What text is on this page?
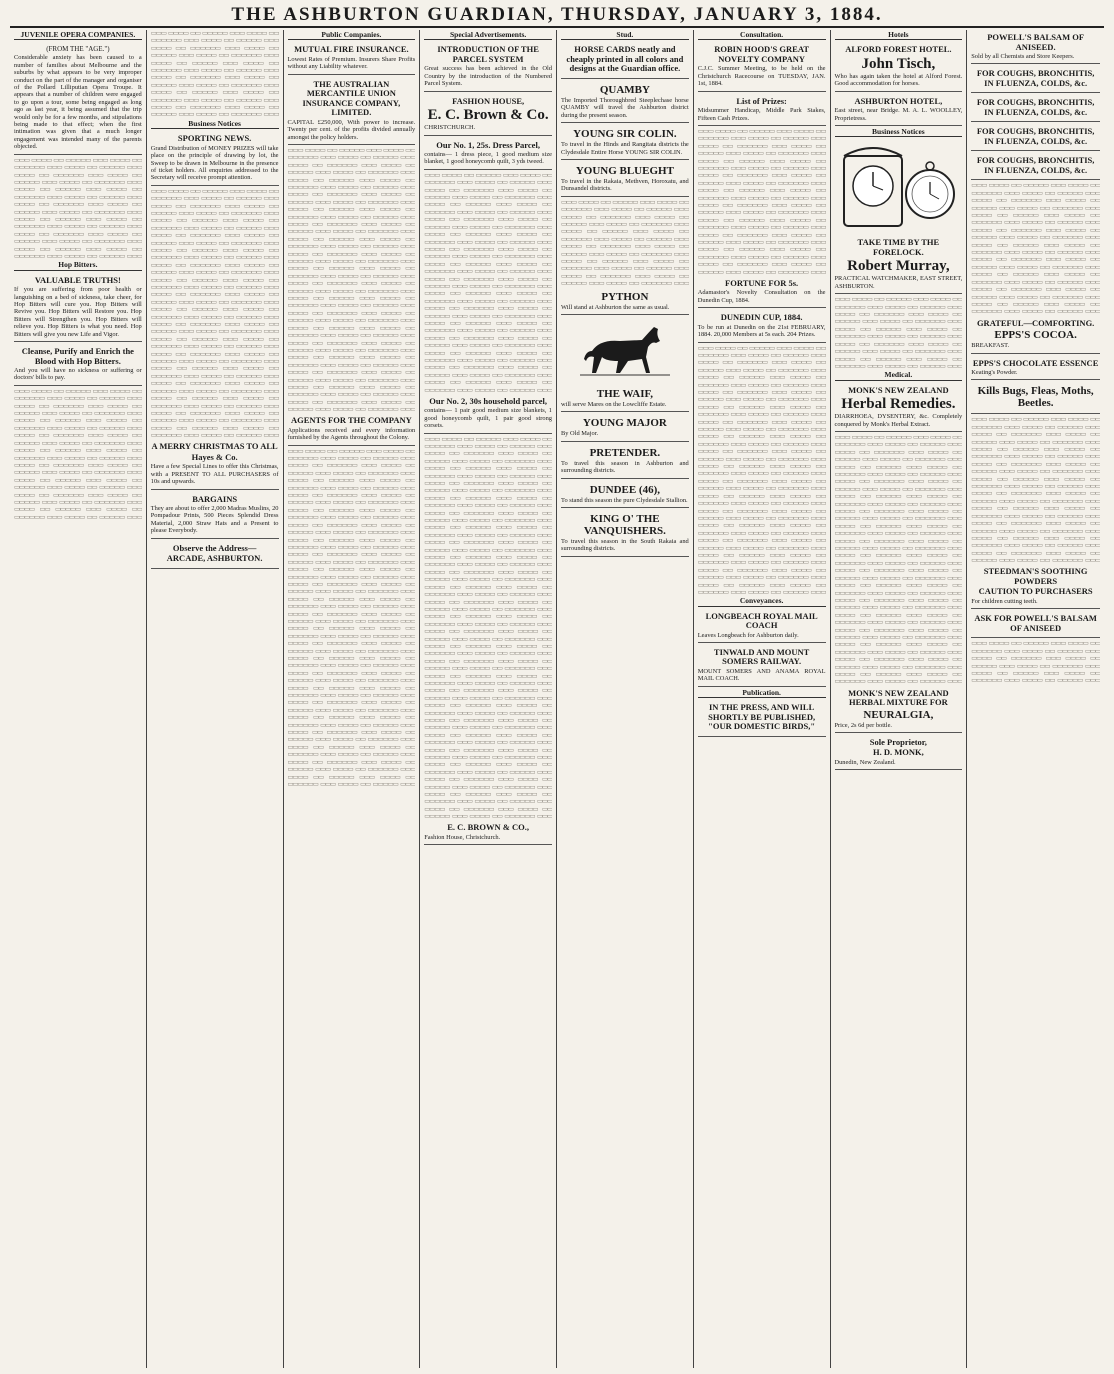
THE ASHBURTON GUARDIAN, THURSDAY, JANUARY 3, 1884.
JUVENILE OPERA COMPANIES.
(FROM THE "AGE.")
Considerable anxiety has been caused to a number of families about Melbourne and the suburbs by what appears to be very improper conduct on the part of the manager and organiser of the Pollard Lilliputian Opera Troupe. It appears that a number of children were engaged to go upon a tour, some being engaged as long ago as last year, it being assumed that the trip would only be for a few months, and stipulations being made to that effect; when the first intimation was given that a much longer engagement was intended many of the parents objected.
▭▭▭ ▭▭▭▭ ▭▭ ▭▭▭▭▭ ▭▭▭ ▭▭▭▭ ▭▭ ▭▭▭▭▭▭ ▭▭▭ ▭▭▭▭ ▭▭ ▭▭▭▭▭ ▭▭▭ ▭▭▭▭ ▭▭ ▭▭▭▭▭▭ ▭▭▭ ▭▭▭▭ ▭▭ ▭▭▭▭▭ ▭▭▭ ▭▭▭▭ ▭▭ ▭▭▭▭▭▭ ▭▭▭ ▭▭▭▭ ▭▭ ▭▭▭▭▭ ▭▭▭ ▭▭▭▭ ▭▭ ▭▭▭▭▭▭ ▭▭▭ ▭▭▭▭ ▭▭ ▭▭▭▭▭ ▭▭▭ ▭▭▭▭ ▭▭ ▭▭▭▭▭▭ ▭▭▭ ▭▭▭▭ ▭▭ ▭▭▭▭▭ ▭▭▭ ▭▭▭▭ ▭▭ ▭▭▭▭▭▭ ▭▭▭ ▭▭▭▭ ▭▭ ▭▭▭▭▭ ▭▭▭ ▭▭▭▭ ▭▭ ▭▭▭▭▭▭ ▭▭▭ ▭▭▭▭ ▭▭ ▭▭▭▭▭ ▭▭▭ ▭▭▭▭ ▭▭ ▭▭▭▭▭▭ ▭▭▭ ▭▭▭▭ ▭▭ ▭▭▭▭▭ ▭▭▭ ▭▭▭▭ ▭▭ ▭▭▭▭▭▭ ▭▭▭ ▭▭▭▭ ▭▭ ▭▭▭▭▭ ▭▭▭ ▭▭▭▭ ▭▭ ▭▭▭▭▭▭ ▭▭▭ ▭▭▭▭ ▭▭ ▭▭▭▭▭ ▭▭▭
Hop Bitters.
VALUABLE TRUTHS!
If you are suffering from poor health or languishing on a bed of sickness, take cheer, for Hop Bitters will cure you. Hop Bitters will Revive you. Hop Bitters will Restore you. Hop Bitters will Strengthen you. Hop Bitters will relieve you. Hop Bitters is what you need. Hop Bitters will give you new Life and Vigor.
Cleanse, Purify and Enrich the Blood with Hop Bitters.
And you will have no sickness or suffering or doctors' bills to pay.
▭▭▭ ▭▭▭▭ ▭▭ ▭▭▭▭▭ ▭▭▭ ▭▭▭▭ ▭▭ ▭▭▭▭▭▭ ▭▭▭ ▭▭▭▭ ▭▭ ▭▭▭▭▭ ▭▭▭ ▭▭▭▭ ▭▭ ▭▭▭▭▭▭ ▭▭▭ ▭▭▭▭ ▭▭ ▭▭▭▭▭ ▭▭▭ ▭▭▭▭ ▭▭ ▭▭▭▭▭▭ ▭▭▭ ▭▭▭▭ ▭▭ ▭▭▭▭▭ ▭▭▭ ▭▭▭▭ ▭▭ ▭▭▭▭▭▭ ▭▭▭ ▭▭▭▭ ▭▭ ▭▭▭▭▭ ▭▭▭ ▭▭▭▭ ▭▭ ▭▭▭▭▭▭ ▭▭▭ ▭▭▭▭ ▭▭ ▭▭▭▭▭ ▭▭▭ ▭▭▭▭ ▭▭ ▭▭▭▭▭▭ ▭▭▭ ▭▭▭▭ ▭▭ ▭▭▭▭▭ ▭▭▭ ▭▭▭▭ ▭▭ ▭▭▭▭▭▭ ▭▭▭ ▭▭▭▭ ▭▭ ▭▭▭▭▭ ▭▭▭ ▭▭▭▭ ▭▭ ▭▭▭▭▭▭ ▭▭▭ ▭▭▭▭ ▭▭ ▭▭▭▭▭ ▭▭▭ ▭▭▭▭ ▭▭ ▭▭▭▭▭▭ ▭▭▭ ▭▭▭▭ ▭▭ ▭▭▭▭▭ ▭▭▭ ▭▭▭▭ ▭▭ ▭▭▭▭▭▭ ▭▭▭ ▭▭▭▭ ▭▭ ▭▭▭▭▭ ▭▭▭ ▭▭▭▭ ▭▭ ▭▭▭▭▭▭ ▭▭▭ ▭▭▭▭ ▭▭ ▭▭▭▭▭ ▭▭▭ ▭▭▭▭ ▭▭ ▭▭▭▭▭▭ ▭▭▭ ▭▭▭▭ ▭▭ ▭▭▭▭▭ ▭▭▭ ▭▭▭▭ ▭▭ ▭▭▭▭▭▭ ▭▭▭ ▭▭▭▭ ▭▭ ▭▭▭▭▭ ▭▭▭
▭▭▭ ▭▭▭▭ ▭▭ ▭▭▭▭▭ ▭▭▭ ▭▭▭▭ ▭▭ ▭▭▭▭▭▭ ▭▭▭ ▭▭▭▭ ▭▭ ▭▭▭▭▭ ▭▭▭ ▭▭▭▭ ▭▭ ▭▭▭▭▭▭ ▭▭▭ ▭▭▭▭ ▭▭ ▭▭▭▭▭ ▭▭▭ ▭▭▭▭ ▭▭ ▭▭▭▭▭▭ ▭▭▭ ▭▭▭▭ ▭▭ ▭▭▭▭▭ ▭▭▭ ▭▭▭▭ ▭▭ ▭▭▭▭▭▭ ▭▭▭ ▭▭▭▭ ▭▭ ▭▭▭▭▭ ▭▭▭ ▭▭▭▭ ▭▭ ▭▭▭▭▭▭ ▭▭▭ ▭▭▭▭ ▭▭ ▭▭▭▭▭ ▭▭▭ ▭▭▭▭ ▭▭ ▭▭▭▭▭▭ ▭▭▭ ▭▭▭▭ ▭▭ ▭▭▭▭▭ ▭▭▭ ▭▭▭▭ ▭▭ ▭▭▭▭▭▭ ▭▭▭ ▭▭▭▭ ▭▭ ▭▭▭▭▭ ▭▭▭ ▭▭▭▭ ▭▭ ▭▭▭▭▭▭ ▭▭▭ ▭▭▭▭ ▭▭ ▭▭▭▭▭ ▭▭▭ ▭▭▭▭ ▭▭ ▭▭▭▭▭▭ ▭▭▭
Business Notices
SPORTING NEWS.
Grand Distribution of MONEY PRIZES will take place on the principle of drawing by lot, the Sweep to be drawn in Melbourne in the presence of ticket holders. All enquiries addressed to the Secretary will receive prompt attention.
▭▭▭ ▭▭▭▭ ▭▭ ▭▭▭▭▭ ▭▭▭ ▭▭▭▭ ▭▭ ▭▭▭▭▭▭ ▭▭▭ ▭▭▭▭ ▭▭ ▭▭▭▭▭ ▭▭▭ ▭▭▭▭ ▭▭ ▭▭▭▭▭▭ ▭▭▭ ▭▭▭▭ ▭▭ ▭▭▭▭▭ ▭▭▭ ▭▭▭▭ ▭▭ ▭▭▭▭▭▭ ▭▭▭ ▭▭▭▭ ▭▭ ▭▭▭▭▭ ▭▭▭ ▭▭▭▭ ▭▭ ▭▭▭▭▭▭ ▭▭▭ ▭▭▭▭ ▭▭ ▭▭▭▭▭ ▭▭▭ ▭▭▭▭ ▭▭ ▭▭▭▭▭▭ ▭▭▭ ▭▭▭▭ ▭▭ ▭▭▭▭▭ ▭▭▭ ▭▭▭▭ ▭▭ ▭▭▭▭▭▭ ▭▭▭ ▭▭▭▭ ▭▭ ▭▭▭▭▭ ▭▭▭ ▭▭▭▭ ▭▭ ▭▭▭▭▭▭ ▭▭▭ ▭▭▭▭ ▭▭ ▭▭▭▭▭ ▭▭▭ ▭▭▭▭ ▭▭ ▭▭▭▭▭▭ ▭▭▭ ▭▭▭▭ ▭▭ ▭▭▭▭▭ ▭▭▭ ▭▭▭▭ ▭▭ ▭▭▭▭▭▭ ▭▭▭ ▭▭▭▭ ▭▭ ▭▭▭▭▭ ▭▭▭ ▭▭▭▭ ▭▭ ▭▭▭▭▭▭ ▭▭▭ ▭▭▭▭ ▭▭ ▭▭▭▭▭ ▭▭▭ ▭▭▭▭ ▭▭ ▭▭▭▭▭▭ ▭▭▭ ▭▭▭▭ ▭▭ ▭▭▭▭▭ ▭▭▭ ▭▭▭▭ ▭▭ ▭▭▭▭▭▭ ▭▭▭ ▭▭▭▭ ▭▭ ▭▭▭▭▭ ▭▭▭ ▭▭▭▭ ▭▭ ▭▭▭▭▭▭ ▭▭▭ ▭▭▭▭ ▭▭ ▭▭▭▭▭ ▭▭▭ ▭▭▭▭ ▭▭ ▭▭▭▭▭▭ ▭▭▭ ▭▭▭▭ ▭▭ ▭▭▭▭▭ ▭▭▭ ▭▭▭▭ ▭▭ ▭▭▭▭▭▭ ▭▭▭ ▭▭▭▭ ▭▭ ▭▭▭▭▭ ▭▭▭ ▭▭▭▭ ▭▭ ▭▭▭▭▭▭ ▭▭▭ ▭▭▭▭ ▭▭ ▭▭▭▭▭ ▭▭▭ ▭▭▭▭ ▭▭ ▭▭▭▭▭▭ ▭▭▭ ▭▭▭▭ ▭▭ ▭▭▭▭▭ ▭▭▭ ▭▭▭▭ ▭▭ ▭▭▭▭▭▭ ▭▭▭ ▭▭▭▭ ▭▭ ▭▭▭▭▭ ▭▭▭ ▭▭▭▭ ▭▭ ▭▭▭▭▭▭ ▭▭▭ ▭▭▭▭ ▭▭ ▭▭▭▭▭ ▭▭▭ ▭▭▭▭ ▭▭ ▭▭▭▭▭▭ ▭▭▭ ▭▭▭▭ ▭▭ ▭▭▭▭▭ ▭▭▭ ▭▭▭▭ ▭▭ ▭▭▭▭▭▭ ▭▭▭ ▭▭▭▭ ▭▭ ▭▭▭▭▭ ▭▭▭ ▭▭▭▭ ▭▭ ▭▭▭▭▭▭ ▭▭▭ ▭▭▭▭ ▭▭ ▭▭▭▭▭ ▭▭▭ ▭▭▭▭ ▭▭ ▭▭▭▭▭▭ ▭▭▭ ▭▭▭▭ ▭▭ ▭▭▭▭▭ ▭▭▭ ▭▭▭▭ ▭▭ ▭▭▭▭▭▭ ▭▭▭ ▭▭▭▭ ▭▭ ▭▭▭▭▭ ▭▭▭ ▭▭▭▭ ▭▭ ▭▭▭▭▭▭ ▭▭▭ ▭▭▭▭ ▭▭ ▭▭▭▭▭ ▭▭▭
A MERRY CHRISTMAS TO ALL
Hayes & Co.
Have a few Special Lines to offer this Christmas, with a PRESENT TO ALL PURCHASERS of 10s and upwards.
BARGAINS
They are about to offer 2,000 Madras Muslins, 20 Pompadour Prints, 500 Pieces Splendid Dress Material, 2,000 Straw Hats and a Present to please Everybody.
Observe the Address—
ARCADE, ASHBURTON.
Public Companies.
MUTUAL FIRE INSURANCE.
Lowest Rates of Premium. Insurers Share Profits without any Liability whatever.
THE AUSTRALIAN MERCANTILE UNION INSURANCE COMPANY, LIMITED.
CAPITAL £250,000, With power to increase. Twenty per cent. of the profits divided annually amongst the policy holders.
▭▭▭ ▭▭▭▭ ▭▭ ▭▭▭▭▭ ▭▭▭ ▭▭▭▭ ▭▭ ▭▭▭▭▭▭ ▭▭▭ ▭▭▭▭ ▭▭ ▭▭▭▭▭ ▭▭▭ ▭▭▭▭ ▭▭ ▭▭▭▭▭▭ ▭▭▭ ▭▭▭▭ ▭▭ ▭▭▭▭▭ ▭▭▭ ▭▭▭▭ ▭▭ ▭▭▭▭▭▭ ▭▭▭ ▭▭▭▭ ▭▭ ▭▭▭▭▭ ▭▭▭ ▭▭▭▭ ▭▭ ▭▭▭▭▭▭ ▭▭▭ ▭▭▭▭ ▭▭ ▭▭▭▭▭ ▭▭▭ ▭▭▭▭ ▭▭ ▭▭▭▭▭▭ ▭▭▭ ▭▭▭▭ ▭▭ ▭▭▭▭▭ ▭▭▭ ▭▭▭▭ ▭▭ ▭▭▭▭▭▭ ▭▭▭ ▭▭▭▭ ▭▭ ▭▭▭▭▭ ▭▭▭ ▭▭▭▭ ▭▭ ▭▭▭▭▭▭ ▭▭▭ ▭▭▭▭ ▭▭ ▭▭▭▭▭ ▭▭▭ ▭▭▭▭ ▭▭ ▭▭▭▭▭▭ ▭▭▭ ▭▭▭▭ ▭▭ ▭▭▭▭▭ ▭▭▭ ▭▭▭▭ ▭▭ ▭▭▭▭▭▭ ▭▭▭ ▭▭▭▭ ▭▭ ▭▭▭▭▭ ▭▭▭ ▭▭▭▭ ▭▭ ▭▭▭▭▭▭ ▭▭▭ ▭▭▭▭ ▭▭ ▭▭▭▭▭ ▭▭▭ ▭▭▭▭ ▭▭ ▭▭▭▭▭▭ ▭▭▭ ▭▭▭▭ ▭▭ ▭▭▭▭▭ ▭▭▭ ▭▭▭▭ ▭▭ ▭▭▭▭▭▭ ▭▭▭ ▭▭▭▭ ▭▭ ▭▭▭▭▭ ▭▭▭ ▭▭▭▭ ▭▭ ▭▭▭▭▭▭ ▭▭▭ ▭▭▭▭ ▭▭ ▭▭▭▭▭ ▭▭▭ ▭▭▭▭ ▭▭ ▭▭▭▭▭▭ ▭▭▭ ▭▭▭▭ ▭▭ ▭▭▭▭▭ ▭▭▭ ▭▭▭▭ ▭▭ ▭▭▭▭▭▭ ▭▭▭ ▭▭▭▭ ▭▭ ▭▭▭▭▭ ▭▭▭ ▭▭▭▭ ▭▭ ▭▭▭▭▭▭ ▭▭▭ ▭▭▭▭ ▭▭ ▭▭▭▭▭ ▭▭▭ ▭▭▭▭ ▭▭ ▭▭▭▭▭▭ ▭▭▭ ▭▭▭▭ ▭▭ ▭▭▭▭▭ ▭▭▭ ▭▭▭▭ ▭▭ ▭▭▭▭▭▭ ▭▭▭ ▭▭▭▭ ▭▭ ▭▭▭▭▭ ▭▭▭ ▭▭▭▭ ▭▭ ▭▭▭▭▭▭ ▭▭▭ ▭▭▭▭ ▭▭ ▭▭▭▭▭ ▭▭▭ ▭▭▭▭ ▭▭ ▭▭▭▭▭▭ ▭▭▭ ▭▭▭▭ ▭▭ ▭▭▭▭▭ ▭▭▭ ▭▭▭▭ ▭▭ ▭▭▭▭▭▭ ▭▭▭ ▭▭▭▭ ▭▭ ▭▭▭▭▭ ▭▭▭ ▭▭▭▭ ▭▭ ▭▭▭▭▭▭ ▭▭▭ ▭▭▭▭ ▭▭ ▭▭▭▭▭ ▭▭▭ ▭▭▭▭ ▭▭ ▭▭▭▭▭▭ ▭▭▭ ▭▭▭▭ ▭▭ ▭▭▭▭▭ ▭▭▭ ▭▭▭▭ ▭▭ ▭▭▭▭▭▭ ▭▭▭ ▭▭▭▭ ▭▭ ▭▭▭▭▭ ▭▭▭ ▭▭▭▭ ▭▭ ▭▭▭▭▭▭ ▭▭▭ ▭▭▭▭ ▭▭ ▭▭▭▭▭ ▭▭▭ ▭▭▭▭ ▭▭ ▭▭▭▭▭▭ ▭▭▭ ▭▭▭▭ ▭▭ ▭▭▭▭▭ ▭▭▭ ▭▭▭▭ ▭▭ ▭▭▭▭▭▭ ▭▭▭
AGENTS FOR THE COMPANY
Applications received and every information furnished by the Agents throughout the Colony.
▭▭▭ ▭▭▭▭ ▭▭ ▭▭▭▭▭ ▭▭▭ ▭▭▭▭ ▭▭ ▭▭▭▭▭▭ ▭▭▭ ▭▭▭▭ ▭▭ ▭▭▭▭▭ ▭▭▭ ▭▭▭▭ ▭▭ ▭▭▭▭▭▭ ▭▭▭ ▭▭▭▭ ▭▭ ▭▭▭▭▭ ▭▭▭ ▭▭▭▭ ▭▭ ▭▭▭▭▭▭ ▭▭▭ ▭▭▭▭ ▭▭ ▭▭▭▭▭ ▭▭▭ ▭▭▭▭ ▭▭ ▭▭▭▭▭▭ ▭▭▭ ▭▭▭▭ ▭▭ ▭▭▭▭▭ ▭▭▭ ▭▭▭▭ ▭▭ ▭▭▭▭▭▭ ▭▭▭ ▭▭▭▭ ▭▭ ▭▭▭▭▭ ▭▭▭ ▭▭▭▭ ▭▭ ▭▭▭▭▭▭ ▭▭▭ ▭▭▭▭ ▭▭ ▭▭▭▭▭ ▭▭▭ ▭▭▭▭ ▭▭ ▭▭▭▭▭▭ ▭▭▭ ▭▭▭▭ ▭▭ ▭▭▭▭▭ ▭▭▭ ▭▭▭▭ ▭▭ ▭▭▭▭▭▭ ▭▭▭ ▭▭▭▭ ▭▭ ▭▭▭▭▭ ▭▭▭ ▭▭▭▭ ▭▭ ▭▭▭▭▭▭ ▭▭▭ ▭▭▭▭ ▭▭ ▭▭▭▭▭ ▭▭▭ ▭▭▭▭ ▭▭ ▭▭▭▭▭▭ ▭▭▭ ▭▭▭▭ ▭▭ ▭▭▭▭▭ ▭▭▭ ▭▭▭▭ ▭▭ ▭▭▭▭▭▭ ▭▭▭ ▭▭▭▭ ▭▭ ▭▭▭▭▭ ▭▭▭ ▭▭▭▭ ▭▭ ▭▭▭▭▭▭ ▭▭▭ ▭▭▭▭ ▭▭ ▭▭▭▭▭ ▭▭▭ ▭▭▭▭ ▭▭ ▭▭▭▭▭▭ ▭▭▭ ▭▭▭▭ ▭▭ ▭▭▭▭▭ ▭▭▭ ▭▭▭▭ ▭▭ ▭▭▭▭▭▭ ▭▭▭ ▭▭▭▭ ▭▭ ▭▭▭▭▭ ▭▭▭ ▭▭▭▭ ▭▭ ▭▭▭▭▭▭ ▭▭▭ ▭▭▭▭ ▭▭ ▭▭▭▭▭ ▭▭▭ ▭▭▭▭ ▭▭ ▭▭▭▭▭▭ ▭▭▭ ▭▭▭▭ ▭▭ ▭▭▭▭▭ ▭▭▭ ▭▭▭▭ ▭▭ ▭▭▭▭▭▭ ▭▭▭ ▭▭▭▭ ▭▭ ▭▭▭▭▭ ▭▭▭ ▭▭▭▭ ▭▭ ▭▭▭▭▭▭ ▭▭▭ ▭▭▭▭ ▭▭ ▭▭▭▭▭ ▭▭▭ ▭▭▭▭ ▭▭ ▭▭▭▭▭▭ ▭▭▭ ▭▭▭▭ ▭▭ ▭▭▭▭▭ ▭▭▭ ▭▭▭▭ ▭▭ ▭▭▭▭▭▭ ▭▭▭ ▭▭▭▭ ▭▭ ▭▭▭▭▭ ▭▭▭ ▭▭▭▭ ▭▭ ▭▭▭▭▭▭ ▭▭▭ ▭▭▭▭ ▭▭ ▭▭▭▭▭ ▭▭▭ ▭▭▭▭ ▭▭ ▭▭▭▭▭▭ ▭▭▭ ▭▭▭▭ ▭▭ ▭▭▭▭▭ ▭▭▭ ▭▭▭▭ ▭▭ ▭▭▭▭▭▭ ▭▭▭ ▭▭▭▭ ▭▭ ▭▭▭▭▭ ▭▭▭ ▭▭▭▭ ▭▭ ▭▭▭▭▭▭ ▭▭▭ ▭▭▭▭ ▭▭ ▭▭▭▭▭ ▭▭▭ ▭▭▭▭ ▭▭ ▭▭▭▭▭▭ ▭▭▭ ▭▭▭▭ ▭▭ ▭▭▭▭▭ ▭▭▭ ▭▭▭▭ ▭▭ ▭▭▭▭▭▭ ▭▭▭ ▭▭▭▭ ▭▭ ▭▭▭▭▭ ▭▭▭ ▭▭▭▭ ▭▭ ▭▭▭▭▭▭ ▭▭▭ ▭▭▭▭ ▭▭ ▭▭▭▭▭ ▭▭▭ ▭▭▭▭ ▭▭ ▭▭▭▭▭▭ ▭▭▭ ▭▭▭▭ ▭▭ ▭▭▭▭▭ ▭▭▭ ▭▭▭▭ ▭▭ ▭▭▭▭▭▭ ▭▭▭ ▭▭▭▭ ▭▭ ▭▭▭▭▭ ▭▭▭ ▭▭▭▭ ▭▭ ▭▭▭▭▭▭ ▭▭▭ ▭▭▭▭ ▭▭ ▭▭▭▭▭ ▭▭▭ ▭▭▭▭ ▭▭ ▭▭▭▭▭▭ ▭▭▭ ▭▭▭▭ ▭▭ ▭▭▭▭▭ ▭▭▭ ▭▭▭▭ ▭▭ ▭▭▭▭▭▭ ▭▭▭ ▭▭▭▭ ▭▭ ▭▭▭▭▭ ▭▭▭ ▭▭▭▭ ▭▭ ▭▭▭▭▭▭ ▭▭▭ ▭▭▭▭ ▭▭ ▭▭▭▭▭ ▭▭▭ ▭▭▭▭ ▭▭ ▭▭▭▭▭▭ ▭▭▭ ▭▭▭▭ ▭▭ ▭▭▭▭▭ ▭▭▭
Special Advertisements.
INTRODUCTION OF THE PARCEL SYSTEM
Great success has been achieved in the Old Country by the introduction of the Numbered Parcel System.
FASHION HOUSE,
E. C. Brown & Co.
CHRISTCHURCH.
Our No. 1, 25s. Dress Parcel,
contains— 1 dress piece, 1 good medium size blanket, 1 good honeycomb quilt, 3 yds tweed.
▭▭▭ ▭▭▭▭ ▭▭ ▭▭▭▭▭ ▭▭▭ ▭▭▭▭ ▭▭ ▭▭▭▭▭▭ ▭▭▭ ▭▭▭▭ ▭▭ ▭▭▭▭▭ ▭▭▭ ▭▭▭▭ ▭▭ ▭▭▭▭▭▭ ▭▭▭ ▭▭▭▭ ▭▭ ▭▭▭▭▭ ▭▭▭ ▭▭▭▭ ▭▭ ▭▭▭▭▭▭ ▭▭▭ ▭▭▭▭ ▭▭ ▭▭▭▭▭ ▭▭▭ ▭▭▭▭ ▭▭ ▭▭▭▭▭▭ ▭▭▭ ▭▭▭▭ ▭▭ ▭▭▭▭▭ ▭▭▭ ▭▭▭▭ ▭▭ ▭▭▭▭▭▭ ▭▭▭ ▭▭▭▭ ▭▭ ▭▭▭▭▭ ▭▭▭ ▭▭▭▭ ▭▭ ▭▭▭▭▭▭ ▭▭▭ ▭▭▭▭ ▭▭ ▭▭▭▭▭ ▭▭▭ ▭▭▭▭ ▭▭ ▭▭▭▭▭▭ ▭▭▭ ▭▭▭▭ ▭▭ ▭▭▭▭▭ ▭▭▭ ▭▭▭▭ ▭▭ ▭▭▭▭▭▭ ▭▭▭ ▭▭▭▭ ▭▭ ▭▭▭▭▭ ▭▭▭ ▭▭▭▭ ▭▭ ▭▭▭▭▭▭ ▭▭▭ ▭▭▭▭ ▭▭ ▭▭▭▭▭ ▭▭▭ ▭▭▭▭ ▭▭ ▭▭▭▭▭▭ ▭▭▭ ▭▭▭▭ ▭▭ ▭▭▭▭▭ ▭▭▭ ▭▭▭▭ ▭▭ ▭▭▭▭▭▭ ▭▭▭ ▭▭▭▭ ▭▭ ▭▭▭▭▭ ▭▭▭ ▭▭▭▭ ▭▭ ▭▭▭▭▭▭ ▭▭▭ ▭▭▭▭ ▭▭ ▭▭▭▭▭ ▭▭▭ ▭▭▭▭ ▭▭ ▭▭▭▭▭▭ ▭▭▭ ▭▭▭▭ ▭▭ ▭▭▭▭▭ ▭▭▭ ▭▭▭▭ ▭▭ ▭▭▭▭▭▭ ▭▭▭ ▭▭▭▭ ▭▭ ▭▭▭▭▭ ▭▭▭ ▭▭▭▭ ▭▭ ▭▭▭▭▭▭ ▭▭▭ ▭▭▭▭ ▭▭ ▭▭▭▭▭ ▭▭▭ ▭▭▭▭ ▭▭ ▭▭▭▭▭▭ ▭▭▭ ▭▭▭▭ ▭▭ ▭▭▭▭▭ ▭▭▭ ▭▭▭▭ ▭▭ ▭▭▭▭▭▭ ▭▭▭ ▭▭▭▭ ▭▭ ▭▭▭▭▭ ▭▭▭ ▭▭▭▭ ▭▭ ▭▭▭▭▭▭ ▭▭▭ ▭▭▭▭ ▭▭ ▭▭▭▭▭ ▭▭▭ ▭▭▭▭ ▭▭ ▭▭▭▭▭▭ ▭▭▭ ▭▭▭▭ ▭▭ ▭▭▭▭▭ ▭▭▭ ▭▭▭▭ ▭▭ ▭▭▭▭▭▭ ▭▭▭ ▭▭▭▭ ▭▭ ▭▭▭▭▭ ▭▭▭ ▭▭▭▭ ▭▭ ▭▭▭▭▭▭ ▭▭▭ ▭▭▭▭ ▭▭ ▭▭▭▭▭ ▭▭▭ ▭▭▭▭ ▭▭ ▭▭▭▭▭▭ ▭▭▭ ▭▭▭▭ ▭▭ ▭▭▭▭▭ ▭▭▭
Our No. 2, 30s household parcel,
contains— 1 pair good medium size blankets, 1 good honeycomb quilt, 1 pair good strong corsets.
▭▭▭ ▭▭▭▭ ▭▭ ▭▭▭▭▭ ▭▭▭ ▭▭▭▭ ▭▭ ▭▭▭▭▭▭ ▭▭▭ ▭▭▭▭ ▭▭ ▭▭▭▭▭ ▭▭▭ ▭▭▭▭ ▭▭ ▭▭▭▭▭▭ ▭▭▭ ▭▭▭▭ ▭▭ ▭▭▭▭▭ ▭▭▭ ▭▭▭▭ ▭▭ ▭▭▭▭▭▭ ▭▭▭ ▭▭▭▭ ▭▭ ▭▭▭▭▭ ▭▭▭ ▭▭▭▭ ▭▭ ▭▭▭▭▭▭ ▭▭▭ ▭▭▭▭ ▭▭ ▭▭▭▭▭ ▭▭▭ ▭▭▭▭ ▭▭ ▭▭▭▭▭▭ ▭▭▭ ▭▭▭▭ ▭▭ ▭▭▭▭▭ ▭▭▭ ▭▭▭▭ ▭▭ ▭▭▭▭▭▭ ▭▭▭ ▭▭▭▭ ▭▭ ▭▭▭▭▭ ▭▭▭ ▭▭▭▭ ▭▭ ▭▭▭▭▭▭ ▭▭▭ ▭▭▭▭ ▭▭ ▭▭▭▭▭ ▭▭▭ ▭▭▭▭ ▭▭ ▭▭▭▭▭▭ ▭▭▭ ▭▭▭▭ ▭▭ ▭▭▭▭▭ ▭▭▭ ▭▭▭▭ ▭▭ ▭▭▭▭▭▭ ▭▭▭ ▭▭▭▭ ▭▭ ▭▭▭▭▭ ▭▭▭ ▭▭▭▭ ▭▭ ▭▭▭▭▭▭ ▭▭▭ ▭▭▭▭ ▭▭ ▭▭▭▭▭ ▭▭▭ ▭▭▭▭ ▭▭ ▭▭▭▭▭▭ ▭▭▭ ▭▭▭▭ ▭▭ ▭▭▭▭▭ ▭▭▭ ▭▭▭▭ ▭▭ ▭▭▭▭▭▭ ▭▭▭ ▭▭▭▭ ▭▭ ▭▭▭▭▭ ▭▭▭ ▭▭▭▭ ▭▭ ▭▭▭▭▭▭ ▭▭▭ ▭▭▭▭ ▭▭ ▭▭▭▭▭ ▭▭▭ ▭▭▭▭ ▭▭ ▭▭▭▭▭▭ ▭▭▭ ▭▭▭▭ ▭▭ ▭▭▭▭▭ ▭▭▭ ▭▭▭▭ ▭▭ ▭▭▭▭▭▭ ▭▭▭ ▭▭▭▭ ▭▭ ▭▭▭▭▭ ▭▭▭ ▭▭▭▭ ▭▭ ▭▭▭▭▭▭ ▭▭▭ ▭▭▭▭ ▭▭ ▭▭▭▭▭ ▭▭▭ ▭▭▭▭ ▭▭ ▭▭▭▭▭▭ ▭▭▭ ▭▭▭▭ ▭▭ ▭▭▭▭▭ ▭▭▭ ▭▭▭▭ ▭▭ ▭▭▭▭▭▭ ▭▭▭ ▭▭▭▭ ▭▭ ▭▭▭▭▭ ▭▭▭ ▭▭▭▭ ▭▭ ▭▭▭▭▭▭ ▭▭▭ ▭▭▭▭ ▭▭ ▭▭▭▭▭ ▭▭▭ ▭▭▭▭ ▭▭ ▭▭▭▭▭▭ ▭▭▭ ▭▭▭▭ ▭▭ ▭▭▭▭▭ ▭▭▭ ▭▭▭▭ ▭▭ ▭▭▭▭▭▭ ▭▭▭ ▭▭▭▭ ▭▭ ▭▭▭▭▭ ▭▭▭ ▭▭▭▭ ▭▭ ▭▭▭▭▭▭ ▭▭▭ ▭▭▭▭ ▭▭ ▭▭▭▭▭ ▭▭▭ ▭▭▭▭ ▭▭ ▭▭▭▭▭▭ ▭▭▭ ▭▭▭▭ ▭▭ ▭▭▭▭▭ ▭▭▭ ▭▭▭▭ ▭▭ ▭▭▭▭▭▭ ▭▭▭ ▭▭▭▭ ▭▭ ▭▭▭▭▭ ▭▭▭ ▭▭▭▭ ▭▭ ▭▭▭▭▭▭ ▭▭▭ ▭▭▭▭ ▭▭ ▭▭▭▭▭ ▭▭▭ ▭▭▭▭ ▭▭ ▭▭▭▭▭▭ ▭▭▭ ▭▭▭▭ ▭▭ ▭▭▭▭▭ ▭▭▭ ▭▭▭▭ ▭▭ ▭▭▭▭▭▭ ▭▭▭ ▭▭▭▭ ▭▭ ▭▭▭▭▭ ▭▭▭ ▭▭▭▭ ▭▭ ▭▭▭▭▭▭ ▭▭▭ ▭▭▭▭ ▭▭ ▭▭▭▭▭ ▭▭▭ ▭▭▭▭ ▭▭ ▭▭▭▭▭▭ ▭▭▭ ▭▭▭▭ ▭▭ ▭▭▭▭▭ ▭▭▭ ▭▭▭▭ ▭▭ ▭▭▭▭▭▭ ▭▭▭ ▭▭▭▭ ▭▭ ▭▭▭▭▭ ▭▭▭ ▭▭▭▭ ▭▭ ▭▭▭▭▭▭ ▭▭▭ ▭▭▭▭ ▭▭ ▭▭▭▭▭ ▭▭▭ ▭▭▭▭ ▭▭ ▭▭▭▭▭▭ ▭▭▭ ▭▭▭▭ ▭▭ ▭▭▭▭▭ ▭▭▭ ▭▭▭▭ ▭▭ ▭▭▭▭▭▭ ▭▭▭ ▭▭▭▭ ▭▭ ▭▭▭▭▭ ▭▭▭ ▭▭▭▭ ▭▭ ▭▭▭▭▭▭ ▭▭▭ ▭▭▭▭ ▭▭ ▭▭▭▭▭ ▭▭▭ ▭▭▭▭ ▭▭ ▭▭▭▭▭▭ ▭▭▭ ▭▭▭▭ ▭▭ ▭▭▭▭▭ ▭▭▭ ▭▭▭▭ ▭▭ ▭▭▭▭▭▭ ▭▭▭ ▭▭▭▭ ▭▭ ▭▭▭▭▭ ▭▭▭ ▭▭▭▭ ▭▭ ▭▭▭▭▭▭ ▭▭▭ ▭▭▭▭ ▭▭ ▭▭▭▭▭ ▭▭▭ ▭▭▭▭ ▭▭ ▭▭▭▭▭▭ ▭▭▭ ▭▭▭▭ ▭▭ ▭▭▭▭▭ ▭▭▭ ▭▭▭▭ ▭▭ ▭▭▭▭▭▭ ▭▭▭
E. C. BROWN & CO.,
Fashion House, Christchurch.
Stud.
HORSE CARDS neatly and cheaply printed in all colors and designs at the Guardian office.
QUAMBY
The Imported Thoroughbred Steeplechase horse QUAMBY will travel the Ashburton district during the present season.
YOUNG SIR COLIN.
To travel in the Hinds and Rangitata districts the Clydesdale Entire Horse YOUNG SIR COLIN.
YOUNG BLUEGHT
To travel in the Rakaia, Methven, Horoxatu, and Dunsandel districts.
▭▭▭ ▭▭▭▭ ▭▭ ▭▭▭▭▭ ▭▭▭ ▭▭▭▭ ▭▭ ▭▭▭▭▭▭ ▭▭▭ ▭▭▭▭ ▭▭ ▭▭▭▭▭ ▭▭▭ ▭▭▭▭ ▭▭ ▭▭▭▭▭▭ ▭▭▭ ▭▭▭▭ ▭▭ ▭▭▭▭▭ ▭▭▭ ▭▭▭▭ ▭▭ ▭▭▭▭▭▭ ▭▭▭ ▭▭▭▭ ▭▭ ▭▭▭▭▭ ▭▭▭ ▭▭▭▭ ▭▭ ▭▭▭▭▭▭ ▭▭▭ ▭▭▭▭ ▭▭ ▭▭▭▭▭ ▭▭▭ ▭▭▭▭ ▭▭ ▭▭▭▭▭▭ ▭▭▭ ▭▭▭▭ ▭▭ ▭▭▭▭▭ ▭▭▭ ▭▭▭▭ ▭▭ ▭▭▭▭▭▭ ▭▭▭ ▭▭▭▭ ▭▭ ▭▭▭▭▭ ▭▭▭ ▭▭▭▭ ▭▭ ▭▭▭▭▭▭ ▭▭▭ ▭▭▭▭ ▭▭ ▭▭▭▭▭ ▭▭▭ ▭▭▭▭ ▭▭ ▭▭▭▭▭▭ ▭▭▭ ▭▭▭▭ ▭▭ ▭▭▭▭▭ ▭▭▭ ▭▭▭▭ ▭▭ ▭▭▭▭▭▭ ▭▭▭
PYTHON
Will stand at Ashburton the same as usual.
THE WAIF,
will serve Mares on the Lowcliffe Estate.
YOUNG MAJOR
By Old Major.
PRETENDER.
To travel this season in Ashburton and surrounding districts.
DUNDEE (46),
To stand this season the pure Clydesdale Stallion.
KING O' THE VANQUISHERS.
To travel this season in the South Rakaia and surrounding districts.
Consultation.
ROBIN HOOD'S GREAT NOVELTY COMPANY
C.J.C. Summer Meeting, to be held on the Christchurch Racecourse on TUESDAY, JAN. 1st, 1884.
List of Prizes:
Midsummer Handicap, Middle Park Stakes, Fifteen Cash Prizes.
▭▭▭ ▭▭▭▭ ▭▭ ▭▭▭▭▭ ▭▭▭ ▭▭▭▭ ▭▭ ▭▭▭▭▭▭ ▭▭▭ ▭▭▭▭ ▭▭ ▭▭▭▭▭ ▭▭▭ ▭▭▭▭ ▭▭ ▭▭▭▭▭▭ ▭▭▭ ▭▭▭▭ ▭▭ ▭▭▭▭▭ ▭▭▭ ▭▭▭▭ ▭▭ ▭▭▭▭▭▭ ▭▭▭ ▭▭▭▭ ▭▭ ▭▭▭▭▭ ▭▭▭ ▭▭▭▭ ▭▭ ▭▭▭▭▭▭ ▭▭▭ ▭▭▭▭ ▭▭ ▭▭▭▭▭ ▭▭▭ ▭▭▭▭ ▭▭ ▭▭▭▭▭▭ ▭▭▭ ▭▭▭▭ ▭▭ ▭▭▭▭▭ ▭▭▭ ▭▭▭▭ ▭▭ ▭▭▭▭▭▭ ▭▭▭ ▭▭▭▭ ▭▭ ▭▭▭▭▭ ▭▭▭ ▭▭▭▭ ▭▭ ▭▭▭▭▭▭ ▭▭▭ ▭▭▭▭ ▭▭ ▭▭▭▭▭ ▭▭▭ ▭▭▭▭ ▭▭ ▭▭▭▭▭▭ ▭▭▭ ▭▭▭▭ ▭▭ ▭▭▭▭▭ ▭▭▭ ▭▭▭▭ ▭▭ ▭▭▭▭▭▭ ▭▭▭ ▭▭▭▭ ▭▭ ▭▭▭▭▭ ▭▭▭ ▭▭▭▭ ▭▭ ▭▭▭▭▭▭ ▭▭▭ ▭▭▭▭ ▭▭ ▭▭▭▭▭ ▭▭▭ ▭▭▭▭ ▭▭ ▭▭▭▭▭▭ ▭▭▭ ▭▭▭▭ ▭▭ ▭▭▭▭▭ ▭▭▭ ▭▭▭▭ ▭▭ ▭▭▭▭▭▭ ▭▭▭ ▭▭▭▭ ▭▭ ▭▭▭▭▭ ▭▭▭ ▭▭▭▭ ▭▭ ▭▭▭▭▭▭ ▭▭▭ ▭▭▭▭ ▭▭ ▭▭▭▭▭ ▭▭▭ ▭▭▭▭ ▭▭ ▭▭▭▭▭▭ ▭▭▭ ▭▭▭▭ ▭▭ ▭▭▭▭▭ ▭▭▭ ▭▭▭▭ ▭▭ ▭▭▭▭▭▭ ▭▭▭
FORTUNE FOR 5s.
Adamastor's Novelty Consultation on the Dunedin Cup, 1884.
DUNEDIN CUP, 1884.
To be run at Dunedin on the 21st FEBRUARY, 1884. 20,000 Members at 5s each. 204 Prizes.
▭▭▭ ▭▭▭▭ ▭▭ ▭▭▭▭▭ ▭▭▭ ▭▭▭▭ ▭▭ ▭▭▭▭▭▭ ▭▭▭ ▭▭▭▭ ▭▭ ▭▭▭▭▭ ▭▭▭ ▭▭▭▭ ▭▭ ▭▭▭▭▭▭ ▭▭▭ ▭▭▭▭ ▭▭ ▭▭▭▭▭ ▭▭▭ ▭▭▭▭ ▭▭ ▭▭▭▭▭▭ ▭▭▭ ▭▭▭▭ ▭▭ ▭▭▭▭▭ ▭▭▭ ▭▭▭▭ ▭▭ ▭▭▭▭▭▭ ▭▭▭ ▭▭▭▭ ▭▭ ▭▭▭▭▭ ▭▭▭ ▭▭▭▭ ▭▭ ▭▭▭▭▭▭ ▭▭▭ ▭▭▭▭ ▭▭ ▭▭▭▭▭ ▭▭▭ ▭▭▭▭ ▭▭ ▭▭▭▭▭▭ ▭▭▭ ▭▭▭▭ ▭▭ ▭▭▭▭▭ ▭▭▭ ▭▭▭▭ ▭▭ ▭▭▭▭▭▭ ▭▭▭ ▭▭▭▭ ▭▭ ▭▭▭▭▭ ▭▭▭ ▭▭▭▭ ▭▭ ▭▭▭▭▭▭ ▭▭▭ ▭▭▭▭ ▭▭ ▭▭▭▭▭ ▭▭▭ ▭▭▭▭ ▭▭ ▭▭▭▭▭▭ ▭▭▭ ▭▭▭▭ ▭▭ ▭▭▭▭▭ ▭▭▭ ▭▭▭▭ ▭▭ ▭▭▭▭▭▭ ▭▭▭ ▭▭▭▭ ▭▭ ▭▭▭▭▭ ▭▭▭ ▭▭▭▭ ▭▭ ▭▭▭▭▭▭ ▭▭▭ ▭▭▭▭ ▭▭ ▭▭▭▭▭ ▭▭▭ ▭▭▭▭ ▭▭ ▭▭▭▭▭▭ ▭▭▭ ▭▭▭▭ ▭▭ ▭▭▭▭▭ ▭▭▭ ▭▭▭▭ ▭▭ ▭▭▭▭▭▭ ▭▭▭ ▭▭▭▭ ▭▭ ▭▭▭▭▭ ▭▭▭ ▭▭▭▭ ▭▭ ▭▭▭▭▭▭ ▭▭▭ ▭▭▭▭ ▭▭ ▭▭▭▭▭ ▭▭▭ ▭▭▭▭ ▭▭ ▭▭▭▭▭▭ ▭▭▭ ▭▭▭▭ ▭▭ ▭▭▭▭▭ ▭▭▭ ▭▭▭▭ ▭▭ ▭▭▭▭▭▭ ▭▭▭ ▭▭▭▭ ▭▭ ▭▭▭▭▭ ▭▭▭ ▭▭▭▭ ▭▭ ▭▭▭▭▭▭ ▭▭▭ ▭▭▭▭ ▭▭ ▭▭▭▭▭ ▭▭▭ ▭▭▭▭ ▭▭ ▭▭▭▭▭▭ ▭▭▭ ▭▭▭▭ ▭▭ ▭▭▭▭▭ ▭▭▭ ▭▭▭▭ ▭▭ ▭▭▭▭▭▭ ▭▭▭ ▭▭▭▭ ▭▭ ▭▭▭▭▭ ▭▭▭ ▭▭▭▭ ▭▭ ▭▭▭▭▭▭ ▭▭▭ ▭▭▭▭ ▭▭ ▭▭▭▭▭ ▭▭▭ ▭▭▭▭ ▭▭ ▭▭▭▭▭▭ ▭▭▭ ▭▭▭▭ ▭▭ ▭▭▭▭▭ ▭▭▭ ▭▭▭▭ ▭▭ ▭▭▭▭▭▭ ▭▭▭ ▭▭▭▭ ▭▭ ▭▭▭▭▭ ▭▭▭ ▭▭▭▭ ▭▭ ▭▭▭▭▭▭ ▭▭▭ ▭▭▭▭ ▭▭ ▭▭▭▭▭ ▭▭▭ ▭▭▭▭ ▭▭ ▭▭▭▭▭▭ ▭▭▭ ▭▭▭▭ ▭▭ ▭▭▭▭▭ ▭▭▭ ▭▭▭▭ ▭▭ ▭▭▭▭▭▭ ▭▭▭ ▭▭▭▭ ▭▭ ▭▭▭▭▭ ▭▭▭
Conveyances.
LONGBEACH ROYAL MAIL COACH
Leaves Longbeach for Ashburton daily.
TINWALD AND MOUNT SOMERS RAILWAY.
MOUNT SOMERS AND ANAMA ROYAL MAIL COACH.
Publication.
IN THE PRESS, AND WILL SHORTLY BE PUBLISHED, "OUR DOMESTIC BIRDS,"
Hotels
ALFORD FOREST HOTEL.
John Tisch,
Who has again taken the hotel at Alford Forest. Good accommodation for horses.
ASHBURTON HOTEL,
East street, near Bridge. M. A. L. WOOLLEY, Proprietress.
Business Notices
TAKE TIME BY THE FORELOCK.
Robert Murray,
PRACTICAL WATCHMAKER, EAST STREET, ASHBURTON.
▭▭▭ ▭▭▭▭ ▭▭ ▭▭▭▭▭ ▭▭▭ ▭▭▭▭ ▭▭ ▭▭▭▭▭▭ ▭▭▭ ▭▭▭▭ ▭▭ ▭▭▭▭▭ ▭▭▭ ▭▭▭▭ ▭▭ ▭▭▭▭▭▭ ▭▭▭ ▭▭▭▭ ▭▭ ▭▭▭▭▭ ▭▭▭ ▭▭▭▭ ▭▭ ▭▭▭▭▭▭ ▭▭▭ ▭▭▭▭ ▭▭ ▭▭▭▭▭ ▭▭▭ ▭▭▭▭ ▭▭ ▭▭▭▭▭▭ ▭▭▭ ▭▭▭▭ ▭▭ ▭▭▭▭▭ ▭▭▭ ▭▭▭▭ ▭▭ ▭▭▭▭▭▭ ▭▭▭ ▭▭▭▭ ▭▭ ▭▭▭▭▭ ▭▭▭ ▭▭▭▭ ▭▭ ▭▭▭▭▭▭ ▭▭▭ ▭▭▭▭ ▭▭ ▭▭▭▭▭ ▭▭▭ ▭▭▭▭ ▭▭ ▭▭▭▭▭▭ ▭▭▭ ▭▭▭▭ ▭▭ ▭▭▭▭▭ ▭▭▭
Medical.
MONK'S NEW ZEALAND
Herbal Remedies.
DIARRHOEA, DYSENTERY, &c. Completely conquered by Monk's Herbal Extract.
▭▭▭ ▭▭▭▭ ▭▭ ▭▭▭▭▭ ▭▭▭ ▭▭▭▭ ▭▭ ▭▭▭▭▭▭ ▭▭▭ ▭▭▭▭ ▭▭ ▭▭▭▭▭ ▭▭▭ ▭▭▭▭ ▭▭ ▭▭▭▭▭▭ ▭▭▭ ▭▭▭▭ ▭▭ ▭▭▭▭▭ ▭▭▭ ▭▭▭▭ ▭▭ ▭▭▭▭▭▭ ▭▭▭ ▭▭▭▭ ▭▭ ▭▭▭▭▭ ▭▭▭ ▭▭▭▭ ▭▭ ▭▭▭▭▭▭ ▭▭▭ ▭▭▭▭ ▭▭ ▭▭▭▭▭ ▭▭▭ ▭▭▭▭ ▭▭ ▭▭▭▭▭▭ ▭▭▭ ▭▭▭▭ ▭▭ ▭▭▭▭▭ ▭▭▭ ▭▭▭▭ ▭▭ ▭▭▭▭▭▭ ▭▭▭ ▭▭▭▭ ▭▭ ▭▭▭▭▭ ▭▭▭ ▭▭▭▭ ▭▭ ▭▭▭▭▭▭ ▭▭▭ ▭▭▭▭ ▭▭ ▭▭▭▭▭ ▭▭▭ ▭▭▭▭ ▭▭ ▭▭▭▭▭▭ ▭▭▭ ▭▭▭▭ ▭▭ ▭▭▭▭▭ ▭▭▭ ▭▭▭▭ ▭▭ ▭▭▭▭▭▭ ▭▭▭ ▭▭▭▭ ▭▭ ▭▭▭▭▭ ▭▭▭ ▭▭▭▭ ▭▭ ▭▭▭▭▭▭ ▭▭▭ ▭▭▭▭ ▭▭ ▭▭▭▭▭ ▭▭▭ ▭▭▭▭ ▭▭ ▭▭▭▭▭▭ ▭▭▭ ▭▭▭▭ ▭▭ ▭▭▭▭▭ ▭▭▭ ▭▭▭▭ ▭▭ ▭▭▭▭▭▭ ▭▭▭ ▭▭▭▭ ▭▭ ▭▭▭▭▭ ▭▭▭ ▭▭▭▭ ▭▭ ▭▭▭▭▭▭ ▭▭▭ ▭▭▭▭ ▭▭ ▭▭▭▭▭ ▭▭▭ ▭▭▭▭ ▭▭ ▭▭▭▭▭▭ ▭▭▭ ▭▭▭▭ ▭▭ ▭▭▭▭▭ ▭▭▭ ▭▭▭▭ ▭▭ ▭▭▭▭▭▭ ▭▭▭ ▭▭▭▭ ▭▭ ▭▭▭▭▭ ▭▭▭ ▭▭▭▭ ▭▭ ▭▭▭▭▭▭ ▭▭▭ ▭▭▭▭ ▭▭ ▭▭▭▭▭ ▭▭▭ ▭▭▭▭ ▭▭ ▭▭▭▭▭▭ ▭▭▭ ▭▭▭▭ ▭▭ ▭▭▭▭▭ ▭▭▭ ▭▭▭▭ ▭▭ ▭▭▭▭▭▭ ▭▭▭ ▭▭▭▭ ▭▭ ▭▭▭▭▭ ▭▭▭ ▭▭▭▭ ▭▭ ▭▭▭▭▭▭ ▭▭▭ ▭▭▭▭ ▭▭ ▭▭▭▭▭ ▭▭▭ ▭▭▭▭ ▭▭ ▭▭▭▭▭▭ ▭▭▭ ▭▭▭▭ ▭▭ ▭▭▭▭▭ ▭▭▭ ▭▭▭▭ ▭▭ ▭▭▭▭▭▭ ▭▭▭ ▭▭▭▭ ▭▭ ▭▭▭▭▭ ▭▭▭ ▭▭▭▭ ▭▭ ▭▭▭▭▭▭ ▭▭▭ ▭▭▭▭ ▭▭ ▭▭▭▭▭ ▭▭▭ ▭▭▭▭ ▭▭ ▭▭▭▭▭▭ ▭▭▭ ▭▭▭▭ ▭▭ ▭▭▭▭▭ ▭▭▭ ▭▭▭▭ ▭▭ ▭▭▭▭▭▭ ▭▭▭ ▭▭▭▭ ▭▭ ▭▭▭▭▭ ▭▭▭ ▭▭▭▭ ▭▭ ▭▭▭▭▭▭ ▭▭▭ ▭▭▭▭ ▭▭ ▭▭▭▭▭ ▭▭▭
MONK'S NEW ZEALAND HERBAL MIXTURE FOR
NEURALGIA,
Price, 2s 6d per bottle.
Sole Proprietor,
H. D. MONK,
Dunedin, New Zealand.
POWELL'S BALSAM OF ANISEED.
Sold by all Chemists and Store Keepers.
FOR COUGHS, BRONCHITIS, IN FLUENZA, COLDS, &c.
FOR COUGHS, BRONCHITIS, IN FLUENZA, COLDS, &c.
FOR COUGHS, BRONCHITIS, IN FLUENZA, COLDS, &c.
FOR COUGHS, BRONCHITIS, IN FLUENZA, COLDS, &c.
▭▭▭ ▭▭▭▭ ▭▭ ▭▭▭▭▭ ▭▭▭ ▭▭▭▭ ▭▭ ▭▭▭▭▭▭ ▭▭▭ ▭▭▭▭ ▭▭ ▭▭▭▭▭ ▭▭▭ ▭▭▭▭ ▭▭ ▭▭▭▭▭▭ ▭▭▭ ▭▭▭▭ ▭▭ ▭▭▭▭▭ ▭▭▭ ▭▭▭▭ ▭▭ ▭▭▭▭▭▭ ▭▭▭ ▭▭▭▭ ▭▭ ▭▭▭▭▭ ▭▭▭ ▭▭▭▭ ▭▭ ▭▭▭▭▭▭ ▭▭▭ ▭▭▭▭ ▭▭ ▭▭▭▭▭ ▭▭▭ ▭▭▭▭ ▭▭ ▭▭▭▭▭▭ ▭▭▭ ▭▭▭▭ ▭▭ ▭▭▭▭▭ ▭▭▭ ▭▭▭▭ ▭▭ ▭▭▭▭▭▭ ▭▭▭ ▭▭▭▭ ▭▭ ▭▭▭▭▭ ▭▭▭ ▭▭▭▭ ▭▭ ▭▭▭▭▭▭ ▭▭▭ ▭▭▭▭ ▭▭ ▭▭▭▭▭ ▭▭▭ ▭▭▭▭ ▭▭ ▭▭▭▭▭▭ ▭▭▭ ▭▭▭▭ ▭▭ ▭▭▭▭▭ ▭▭▭ ▭▭▭▭ ▭▭ ▭▭▭▭▭▭ ▭▭▭ ▭▭▭▭ ▭▭ ▭▭▭▭▭ ▭▭▭ ▭▭▭▭ ▭▭ ▭▭▭▭▭▭ ▭▭▭ ▭▭▭▭ ▭▭ ▭▭▭▭▭ ▭▭▭ ▭▭▭▭ ▭▭ ▭▭▭▭▭▭ ▭▭▭ ▭▭▭▭ ▭▭ ▭▭▭▭▭ ▭▭▭ ▭▭▭▭ ▭▭ ▭▭▭▭▭▭ ▭▭▭ ▭▭▭▭ ▭▭ ▭▭▭▭▭ ▭▭▭ ▭▭▭▭ ▭▭ ▭▭▭▭▭▭ ▭▭▭ ▭▭▭▭ ▭▭ ▭▭▭▭▭ ▭▭▭
GRATEFUL—COMFORTING.
EPPS'S COCOA.
BREAKFAST.
EPPS'S CHOCOLATE ESSENCE
Keating's Powder.
Kills Bugs, Fleas, Moths, Beetles.
▭▭▭ ▭▭▭▭ ▭▭ ▭▭▭▭▭ ▭▭▭ ▭▭▭▭ ▭▭ ▭▭▭▭▭▭ ▭▭▭ ▭▭▭▭ ▭▭ ▭▭▭▭▭ ▭▭▭ ▭▭▭▭ ▭▭ ▭▭▭▭▭▭ ▭▭▭ ▭▭▭▭ ▭▭ ▭▭▭▭▭ ▭▭▭ ▭▭▭▭ ▭▭ ▭▭▭▭▭▭ ▭▭▭ ▭▭▭▭ ▭▭ ▭▭▭▭▭ ▭▭▭ ▭▭▭▭ ▭▭ ▭▭▭▭▭▭ ▭▭▭ ▭▭▭▭ ▭▭ ▭▭▭▭▭ ▭▭▭ ▭▭▭▭ ▭▭ ▭▭▭▭▭▭ ▭▭▭ ▭▭▭▭ ▭▭ ▭▭▭▭▭ ▭▭▭ ▭▭▭▭ ▭▭ ▭▭▭▭▭▭ ▭▭▭ ▭▭▭▭ ▭▭ ▭▭▭▭▭ ▭▭▭ ▭▭▭▭ ▭▭ ▭▭▭▭▭▭ ▭▭▭ ▭▭▭▭ ▭▭ ▭▭▭▭▭ ▭▭▭ ▭▭▭▭ ▭▭ ▭▭▭▭▭▭ ▭▭▭ ▭▭▭▭ ▭▭ ▭▭▭▭▭ ▭▭▭ ▭▭▭▭ ▭▭ ▭▭▭▭▭▭ ▭▭▭ ▭▭▭▭ ▭▭ ▭▭▭▭▭ ▭▭▭ ▭▭▭▭ ▭▭ ▭▭▭▭▭▭ ▭▭▭ ▭▭▭▭ ▭▭ ▭▭▭▭▭ ▭▭▭ ▭▭▭▭ ▭▭ ▭▭▭▭▭▭ ▭▭▭ ▭▭▭▭ ▭▭ ▭▭▭▭▭ ▭▭▭ ▭▭▭▭ ▭▭ ▭▭▭▭▭▭ ▭▭▭ ▭▭▭▭ ▭▭ ▭▭▭▭▭ ▭▭▭ ▭▭▭▭ ▭▭ ▭▭▭▭▭▭ ▭▭▭ ▭▭▭▭ ▭▭ ▭▭▭▭▭ ▭▭▭ ▭▭▭▭ ▭▭ ▭▭▭▭▭▭ ▭▭▭ ▭▭▭▭ ▭▭ ▭▭▭▭▭ ▭▭▭ ▭▭▭▭ ▭▭ ▭▭▭▭▭▭ ▭▭▭
STEEDMAN'S SOOTHING POWDERS
CAUTION TO PURCHASERS
For children cutting teeth.
ASK FOR POWELL'S BALSAM OF ANISEED
▭▭▭ ▭▭▭▭ ▭▭ ▭▭▭▭▭ ▭▭▭ ▭▭▭▭ ▭▭ ▭▭▭▭▭▭ ▭▭▭ ▭▭▭▭ ▭▭ ▭▭▭▭▭ ▭▭▭ ▭▭▭▭ ▭▭ ▭▭▭▭▭▭ ▭▭▭ ▭▭▭▭ ▭▭ ▭▭▭▭▭ ▭▭▭ ▭▭▭▭ ▭▭ ▭▭▭▭▭▭ ▭▭▭ ▭▭▭▭ ▭▭ ▭▭▭▭▭ ▭▭▭ ▭▭▭▭ ▭▭ ▭▭▭▭▭▭ ▭▭▭ ▭▭▭▭ ▭▭ ▭▭▭▭▭ ▭▭▭
